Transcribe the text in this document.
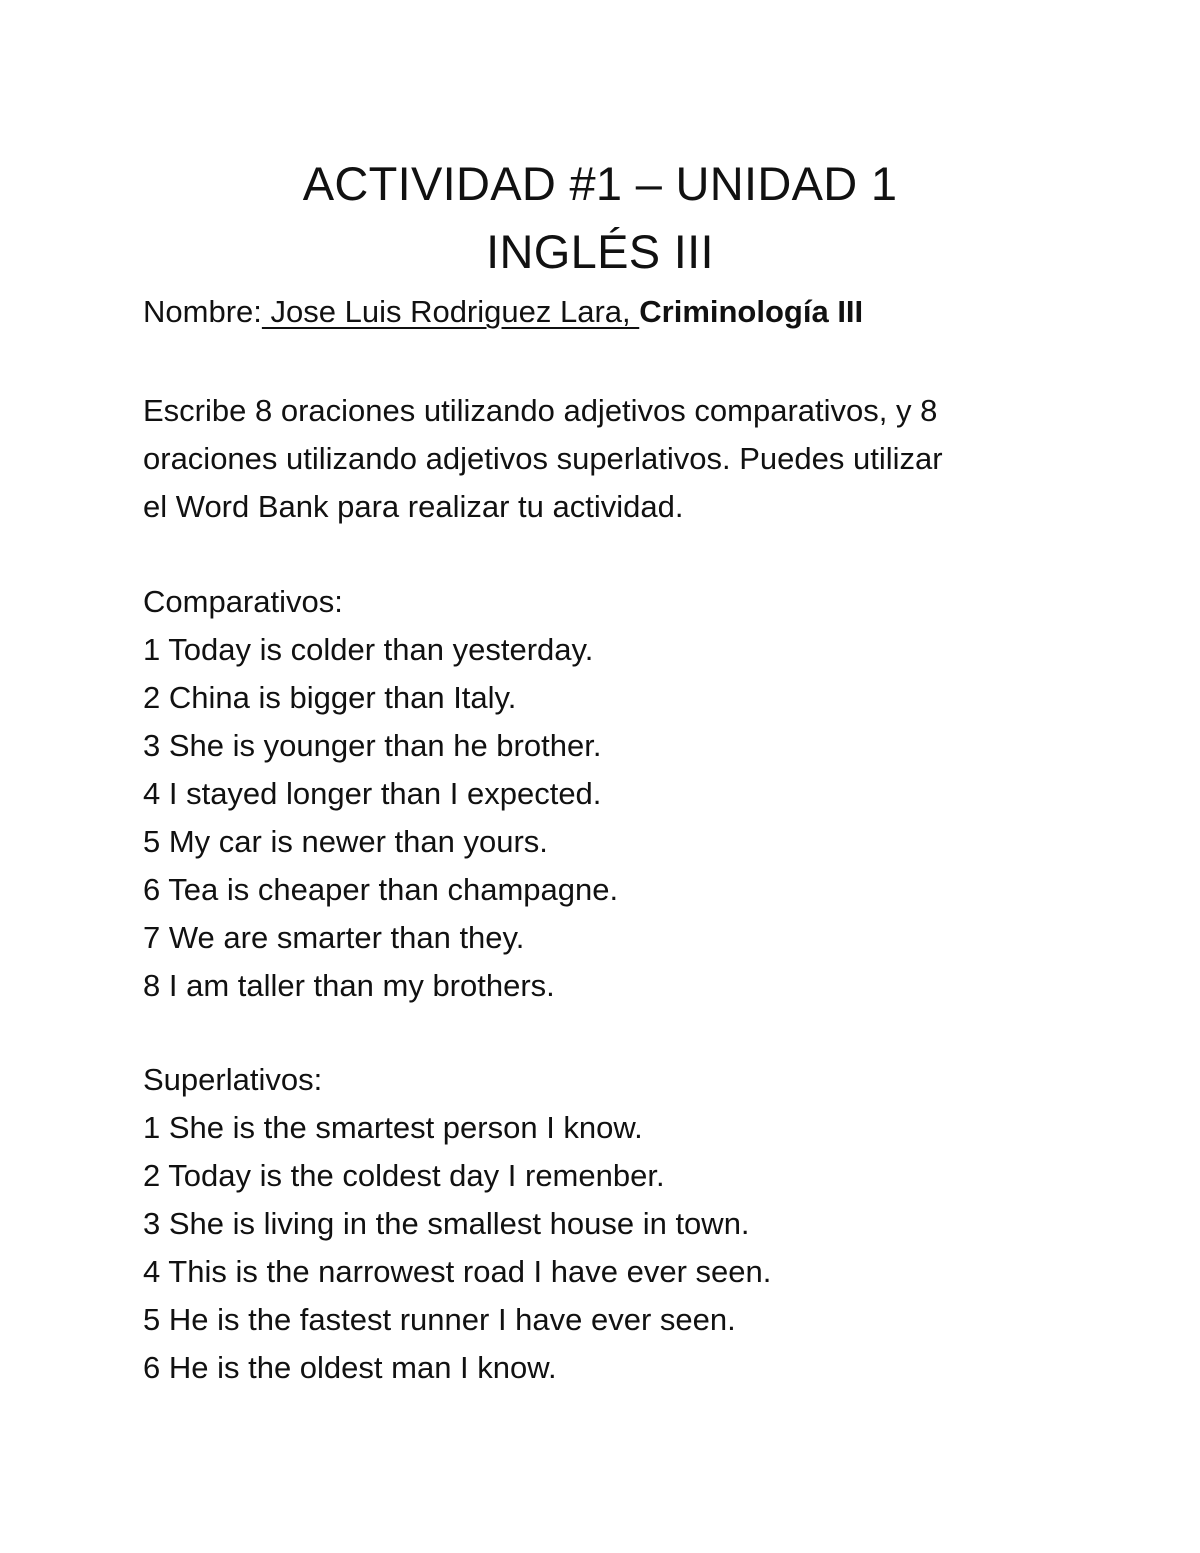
ACTIVIDAD #1 – UNIDAD 1
INGLÉS III
Nombre: Jose Luis Rodriguez Lara, Criminología III
Escribe 8 oraciones utilizando adjetivos comparativos, y 8
oraciones utilizando adjetivos superlativos. Puedes utilizar
el Word Bank para realizar tu actividad.
Comparativos:
1 Today is colder than yesterday.
2 China is bigger than Italy.
3 She is younger than he brother.
4 I stayed longer than I expected.
5 My car is newer than yours.
6 Tea is cheaper than champagne.
7 We are smarter than they.
8 I am taller than my brothers.
Superlativos:
1 She is the smartest person I know.
2 Today is the coldest day I remenber.
3 She is living in the smallest house in town.
4 This is the narrowest road I have ever seen.
5 He is the fastest runner I have ever seen.
6 He is the oldest man I know.
